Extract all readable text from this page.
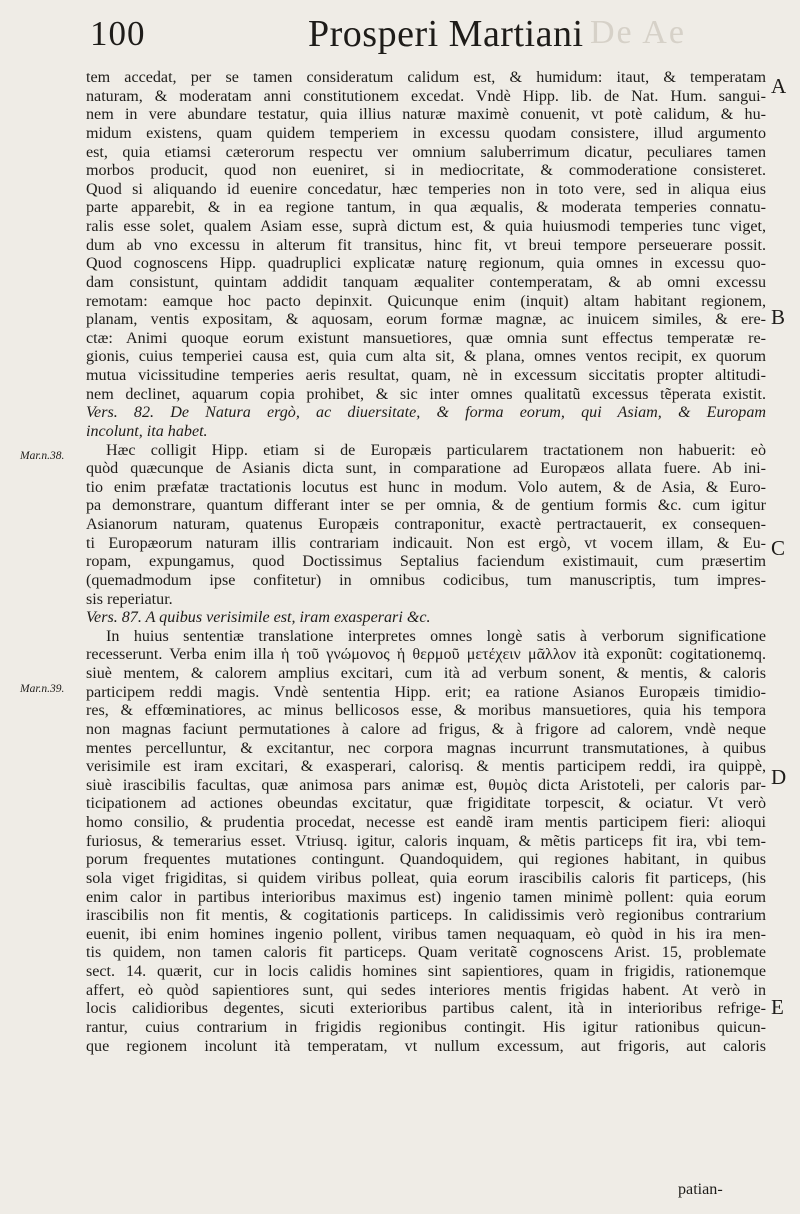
De Ae
100	Prosperi Martiani
Mar.n.38.
Mar.n.39.
A
B
C
D
E
tem accedat, per se tamen consideratum calidum est, & humidum: itaut, & temperatam
naturam, & moderatam anni constitutionem excedat. Vndè Hipp. lib. de Nat. Hum. sangui-
nem in vere abundare testatur, quia illius naturæ maximè conuenit, vt potè calidum, & hu-
midum existens, quam quidem temperiem in excessu quodam consistere, illud argumento
est, quia etiamsi cæterorum respectu ver omnium saluberrimum dicatur, peculiares tamen
morbos producit, quod non eueniret, si in mediocritate, & commoderatione consisteret.
Quod si aliquando id euenire concedatur, hæc temperies non in toto vere, sed in aliqua eius
parte apparebit, & in ea regione tantum, in qua æqualis, & moderata temperies connatu-
ralis esse solet, qualem Asiam esse, suprà dictum est, & quia huiusmodi temperies tunc viget,
dum ab vno excessu in alterum fit transitus, hinc fit, vt breui tempore perseuerare possit.
Quod cognoscens Hipp. quadruplici explicatæ naturę regionum, quia omnes in excessu quo-
dam consistunt, quintam addidit tanquam æqualiter contemperatam, & ab omni excessu
remotam: eamque hoc pacto depinxit. Quicunque enim (inquit) altam habitant regionem,
planam, ventis expositam, & aquosam, eorum formæ magnæ, ac inuicem similes, & ere-
ctæ: Animi quoque eorum existunt mansuetiores, quæ omnia sunt effectus temperatæ re-
gionis, cuius temperiei causa est, quia cum alta sit, & plana, omnes ventos recipit, ex quorum
mutua vicissitudine temperies aeris resultat, quam, nè in excessum siccitatis propter altitudi-
nem declinet, aquarum copia prohibet, & sic inter omnes qualitatũ excessus tẽperata existit.
Vers. 82. De Natura ergò, ac diuersitate, & forma eorum, qui Asiam, & Europam
incolunt, ita habet.
Hæc colligit Hipp. etiam si de Europæis particularem tractationem non habuerit: eò
quòd quæcunque de Asianis dicta sunt, in comparatione ad Europæos allata fuere. Ab ini-
tio enim præfatæ tractationis locutus est hunc in modum. Volo autem, & de Asia, & Euro-
pa demonstrare, quantum differant inter se per omnia, & de gentium formis &c. cum igitur
Asianorum naturam, quatenus Europæis contraponitur, exactè pertractauerit, ex consequen-
ti Europæorum naturam illis contrariam indicauit. Non est ergò, vt vocem illam, & Eu-
ropam, expungamus, quod Doctissimus Septalius faciendum existimauit, cum præsertim
(quemadmodum ipse confitetur) in omnibus codicibus, tum manuscriptis, tum impres-
sis reperiatur.
Vers. 87. A quibus verisimile est, iram exasperari &c.
In huius sententiæ translatione interpretes omnes longè satis à verborum significatione
recesserunt. Verba enim illa ἡ τοῦ γνώμονος ἡ θερμοῦ μετέχειν μᾶλλον ità exponũt: cogitationemq.
siuè mentem, & calorem amplius excitari, cum ità ad verbum sonent, & mentis, & caloris
participem reddi magis. Vndè sententia Hipp. erit; ea ratione Asianos Europæis timidio-
res, & effœminatiores, ac minus bellicosos esse, & moribus mansuetiores, quia his tempora
non magnas faciunt permutationes à calore ad frigus, & à frigore ad calorem, vndè neque
mentes percelluntur, & excitantur, nec corpora magnas incurrunt transmutationes, à quibus
verisimile est iram excitari, & exasperari, calorisq. & mentis participem reddi, ira quippè,
siuè irascibilis facultas, quæ animosa pars animæ est, θυμὸς dicta Aristoteli, per caloris par-
ticipationem ad actiones obeundas excitatur, quæ frigiditate torpescit, & ociatur. Vt verò
homo consilio, & prudentia procedat, necesse est eandẽ iram mentis participem fieri: alioqui
furiosus, & temerarius esset. Vtriusq. igitur, caloris inquam, & mẽtis particeps fit ira, vbi tem-
porum frequentes mutationes contingunt. Quandoquidem, qui regiones habitant, in quibus
sola viget frigiditas, si quidem viribus polleat, quia eorum irascibilis caloris fit particeps, (his
enim calor in partibus interioribus maximus est) ingenio tamen minimè pollent: quia eorum
irascibilis non fit mentis, & cogitationis particeps. In calidissimis verò regionibus contrarium
euenit, ibi enim homines ingenio pollent, viribus tamen nequaquam, eò quòd in his ira men-
tis quidem, non tamen caloris fit particeps. Quam veritatẽ cognoscens Arist. 15, problemate
sect. 14. quærit, cur in locis calidis homines sint sapientiores, quam in frigidis, rationemque
affert, eò quòd sapientiores sunt, qui sedes interiores mentis frigidas habent. At verò in
locis calidioribus degentes, sicuti exterioribus partibus calent, ità in interioribus refrige-
rantur, cuius contrarium in frigidis regionibus contingit. His igitur rationibus quicun-
que regionem incolunt ità temperatam, vt nullum excessum, aut frigoris, aut caloris
patian-
